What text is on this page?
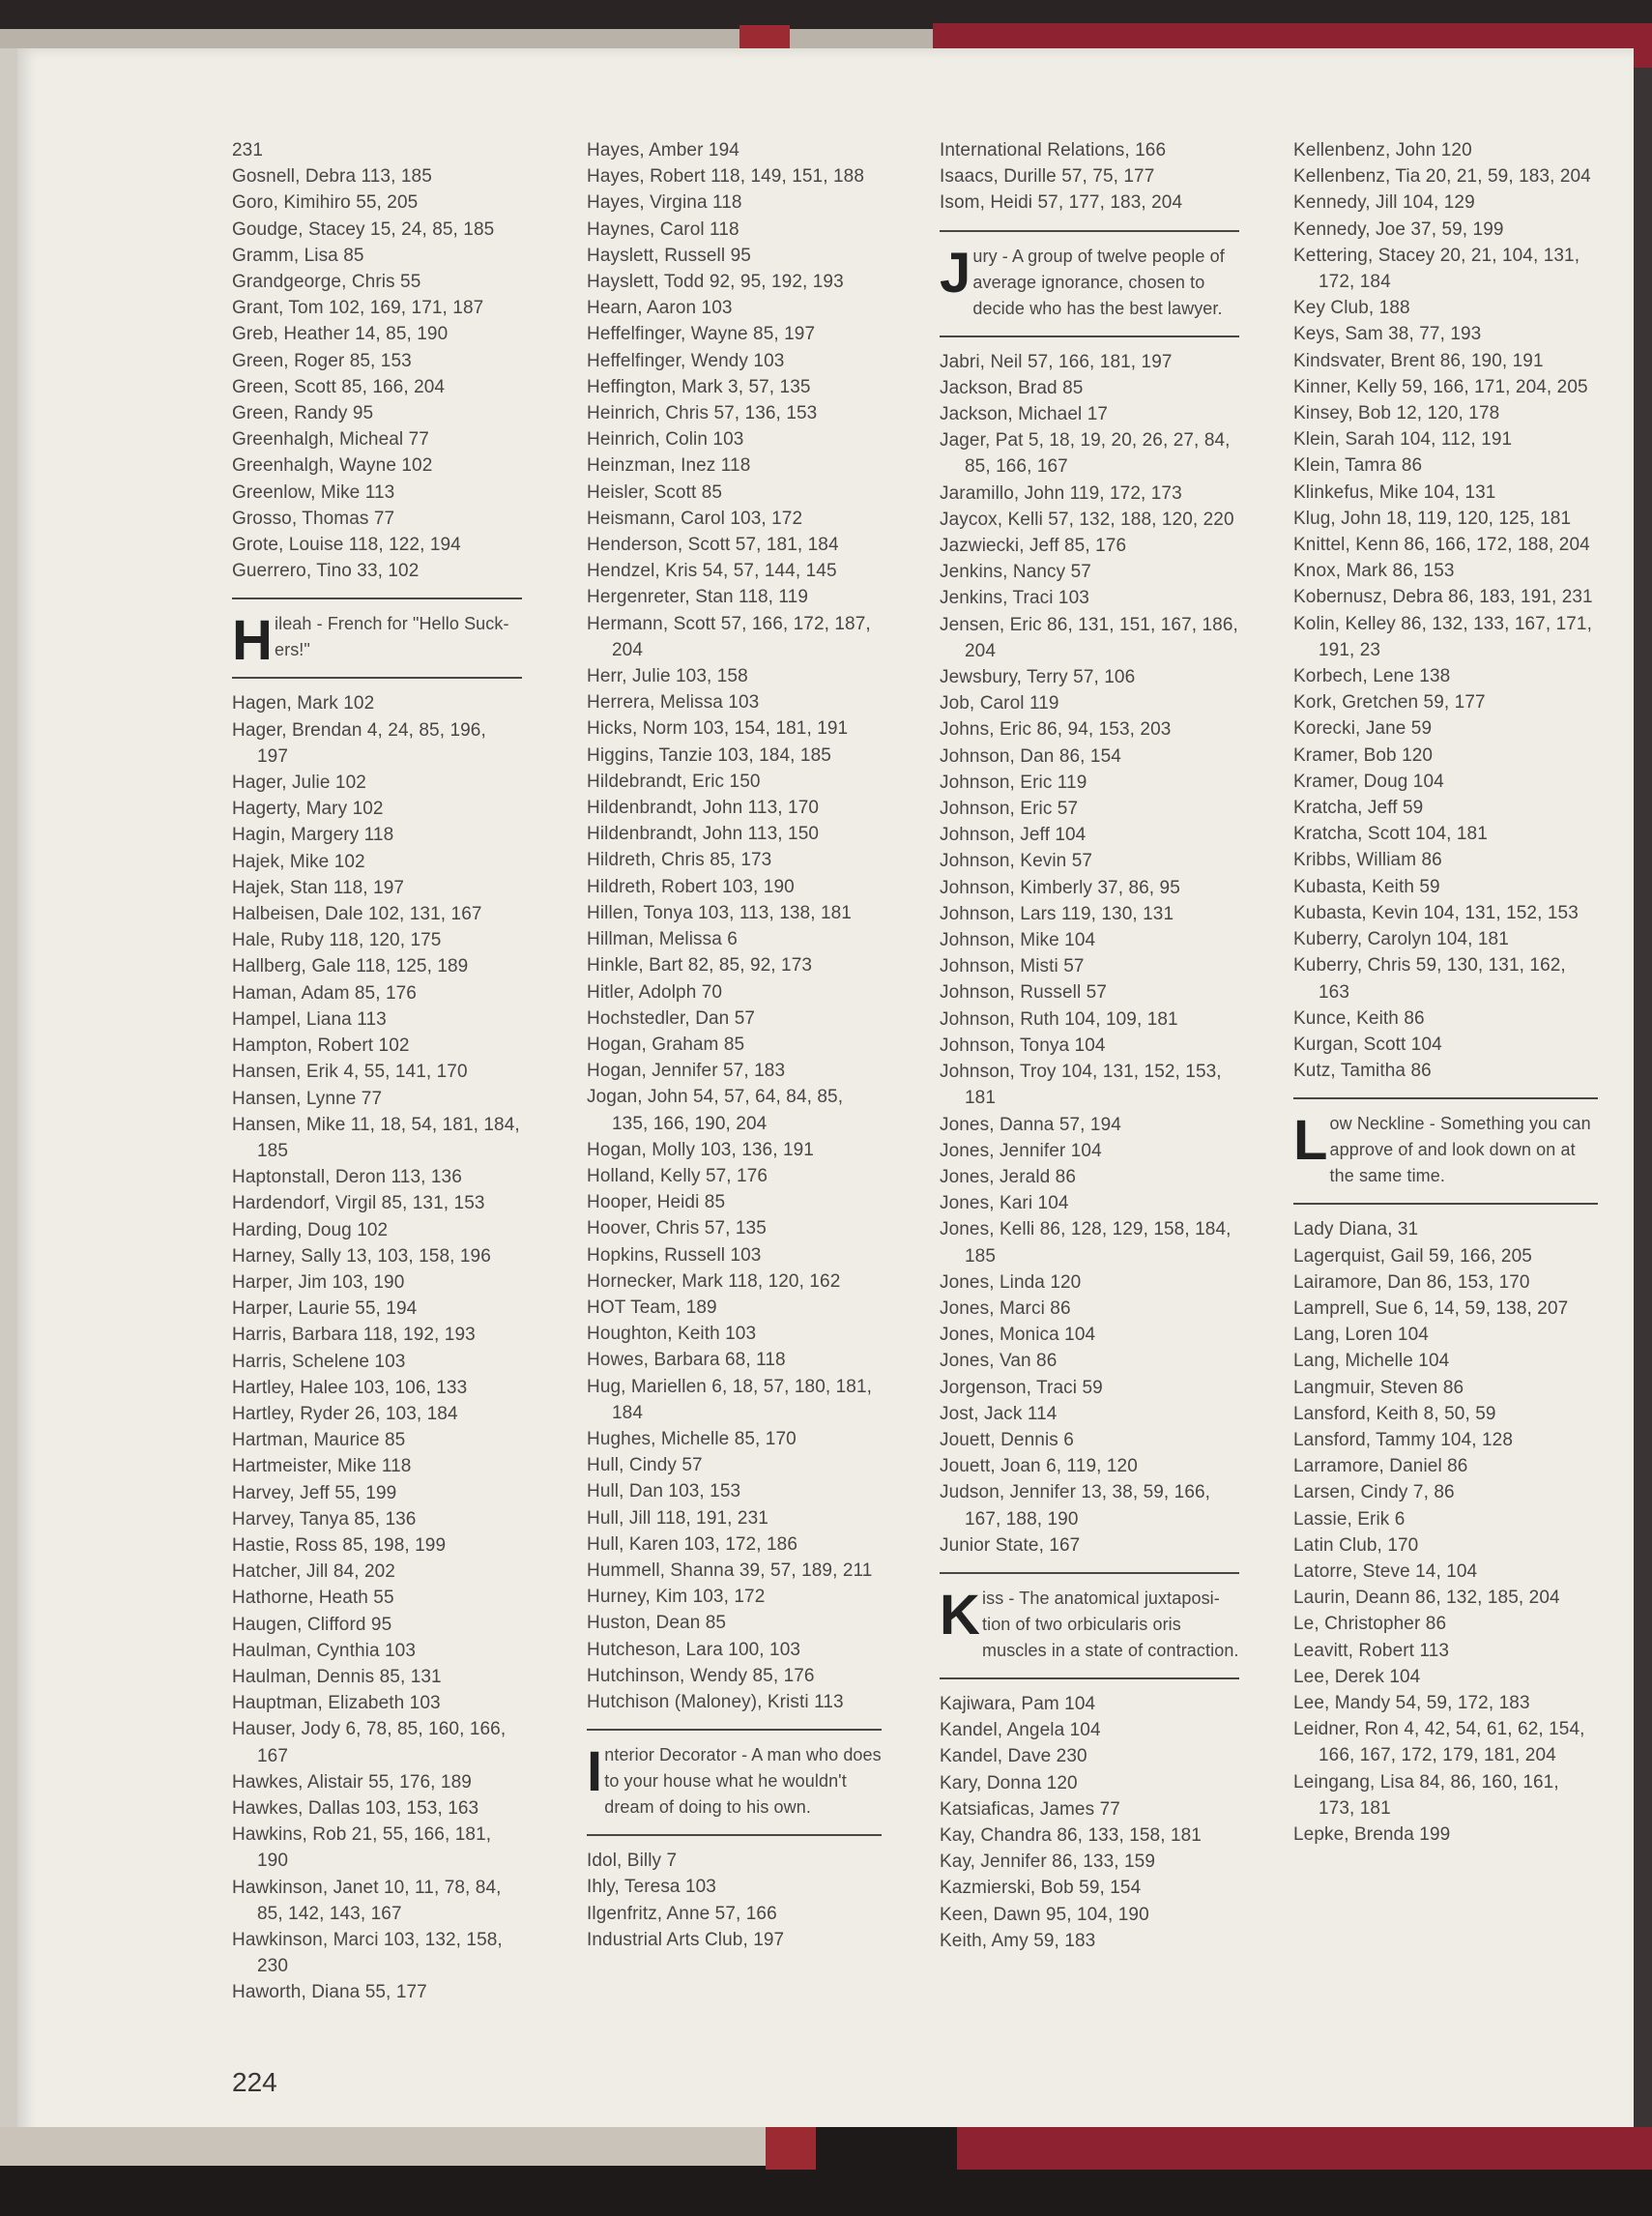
231
Gosnell, Debra 113, 185
Goro, Kimihiro 55, 205
Goudge, Stacey 15, 24, 85, 185
Gramm, Lisa 85
Grandgeorge, Chris 55
Grant, Tom 102, 169, 171, 187
Greb, Heather 14, 85, 190
Green, Roger 85, 153
Green, Scott 85, 166, 204
Green, Randy 95
Greenhalgh, Micheal 77
Greenhalgh, Wayne 102
Greenlow, Mike 113
Grosso, Thomas 77
Grote, Louise 118, 122, 194
Guerrero, Tino 33, 102
H ileah - French for "Hello Suck-ers!"
Hagen, Mark 102
Hager, Brendan 4, 24, 85, 196, 197
Hager, Julie 102
Hagerty, Mary 102
Hagin, Margery 118
Hajek, Mike 102
Hajek, Stan 118, 197
Halbeisen, Dale 102, 131, 167
Hale, Ruby 118, 120, 175
Hallberg, Gale 118, 125, 189
Haman, Adam 85, 176
Hampel, Liana 113
Hampton, Robert 102
Hansen, Erik 4, 55, 141, 170
Hansen, Lynne 77
Hansen, Mike 11, 18, 54, 181, 184, 185
Haptonstall, Deron 113, 136
Hardendorf, Virgil 85, 131, 153
Harding, Doug 102
Harney, Sally 13, 103, 158, 196
Harper, Jim 103, 190
Harper, Laurie 55, 194
Harris, Barbara 118, 192, 193
Harris, Schelene 103
Hartley, Halee 103, 106, 133
Hartley, Ryder 26, 103, 184
Hartman, Maurice 85
Hartmeister, Mike 118
Harvey, Jeff 55, 199
Harvey, Tanya 85, 136
Hastie, Ross 85, 198, 199
Hatcher, Jill 84, 202
Hathorne, Heath 55
Haugen, Clifford 95
Haulman, Cynthia 103
Haulman, Dennis 85, 131
Hauptman, Elizabeth 103
Hauser, Jody 6, 78, 85, 160, 166, 167
Hawkes, Alistair 55, 176, 189
Hawkes, Dallas 103, 153, 163
Hawkins, Rob 21, 55, 166, 181, 190
Hawkinson, Janet 10, 11, 78, 84, 85, 142, 143, 167
Hawkinson, Marci 103, 132, 158, 230
Haworth, Diana 55, 177
Hayes, Amber 194
Hayes, Robert 118, 149, 151, 188
Hayes, Virgina 118
Haynes, Carol 118
Hayslett, Russell 95
Hayslett, Todd 92, 95, 192, 193
Hearn, Aaron 103
Heffelfinger, Wayne 85, 197
Heffelfinger, Wendy 103
Heffington, Mark 3, 57, 135
Heinrich, Chris 57, 136, 153
Heinrich, Colin 103
Heinzman, Inez 118
Heisler, Scott 85
Heismann, Carol 103, 172
Henderson, Scott 57, 181, 184
Hendzel, Kris 54, 57, 144, 145
Hergenreter, Stan 118, 119
Hermann, Scott 57, 166, 172, 187, 204
Herr, Julie 103, 158
Herrera, Melissa 103
Hicks, Norm 103, 154, 181, 191
Higgins, Tanzie 103, 184, 185
Hildebrandt, Eric 150
Hildenbrandt, John 113, 170
Hildenbrandt, John 113, 150
Hildreth, Chris 85, 173
Hildreth, Robert 103, 190
Hillen, Tonya 103, 113, 138, 181
Hillman, Melissa 6
Hinkle, Bart 82, 85, 92, 173
Hitler, Adolph 70
Hochstedler, Dan 57
Hogan, Graham 85
Hogan, Jennifer 57, 183
Jogan, John 54, 57, 64, 84, 85, 135, 166, 190, 204
Hogan, Molly 103, 136, 191
Holland, Kelly 57, 176
Hooper, Heidi 85
Hoover, Chris 57, 135
Hopkins, Russell 103
Hornecker, Mark 118, 120, 162
HOT Team, 189
Houghton, Keith 103
Howes, Barbara 68, 118
Hug, Mariellen 6, 18, 57, 180, 181, 184
Hughes, Michelle 85, 170
Hull, Cindy 57
Hull, Dan 103, 153
Hull, Jill 118, 191, 231
Hull, Karen 103, 172, 186
Hummell, Shanna 39, 57, 189, 211
Hurney, Kim 103, 172
Huston, Dean 85
Hutcheson, Lara 100, 103
Hutchinson, Wendy 85, 176
Hutchison (Maloney), Kristi 113
I nterior Decorator - A man who does to your house what he wouldn't dream of doing to his own.
Idol, Billy 7
Ihly, Teresa 103
Ilgenfritz, Anne 57, 166
Industrial Arts Club, 197
International Relations, 166
Isaacs, Durille 57, 75, 177
Isom, Heidi 57, 177, 183, 204
J ury - A group of twelve people of average ignorance, chosen to decide who has the best lawyer.
Jabri, Neil 57, 166, 181, 197
Jackson, Brad 85
Jackson, Michael 17
Jager, Pat 5, 18, 19, 20, 26, 27, 84, 85, 166, 167
Jaramillo, John 119, 172, 173
Jaycox, Kelli 57, 132, 188, 120, 220
Jazwiecki, Jeff 85, 176
Jenkins, Nancy 57
Jenkins, Traci 103
Jensen, Eric 86, 131, 151, 167, 186, 204
Jewsbury, Terry 57, 106
Job, Carol 119
Johns, Eric 86, 94, 153, 203
Johnson, Dan 86, 154
Johnson, Eric 119
Johnson, Eric 57
Johnson, Jeff 104
Johnson, Kevin 57
Johnson, Kimberly 37, 86, 95
Johnson, Lars 119, 130, 131
Johnson, Mike 104
Johnson, Misti 57
Johnson, Russell 57
Johnson, Ruth 104, 109, 181
Johnson, Tonya 104
Johnson, Troy 104, 131, 152, 153, 181
Jones, Danna 57, 194
Jones, Jennifer 104
Jones, Jerald 86
Jones, Kari 104
Jones, Kelli 86, 128, 129, 158, 184, 185
Jones, Linda 120
Jones, Marci 86
Jones, Monica 104
Jones, Van 86
Jorgenson, Traci 59
Jost, Jack 114
Jouett, Dennis 6
Jouett, Joan 6, 119, 120
Judson, Jennifer 13, 38, 59, 166, 167, 188, 190
Junior State, 167
K iss - The anatomical juxtaposi-tion of two orbicularis oris muscles in a state of contraction.
Kajiwara, Pam 104
Kandel, Angela 104
Kandel, Dave 230
Kary, Donna 120
Katsiaficas, James 77
Kay, Chandra 86, 133, 158, 181
Kay, Jennifer 86, 133, 159
Kazmierski, Bob 59, 154
Keen, Dawn 95, 104, 190
Keith, Amy 59, 183
Kellenbenz, John 120
Kellenbenz, Tia 20, 21, 59, 183, 204
Kennedy, Jill 104, 129
Kennedy, Joe 37, 59, 199
Kettering, Stacey 20, 21, 104, 131, 172, 184
Key Club, 188
Keys, Sam 38, 77, 193
Kindsvater, Brent 86, 190, 191
Kinner, Kelly 59, 166, 171, 204, 205
Kinsey, Bob 12, 120, 178
Klein, Sarah 104, 112, 191
Klein, Tamra 86
Klinkefus, Mike 104, 131
Klug, John 18, 119, 120, 125, 181
Knittel, Kenn 86, 166, 172, 188, 204
Knox, Mark 86, 153
Kobernusz, Debra 86, 183, 191, 231
Kolin, Kelley 86, 132, 133, 167, 171, 191, 23
Korbech, Lene 138
Kork, Gretchen 59, 177
Korecki, Jane 59
Kramer, Bob 120
Kramer, Doug 104
Kratcha, Jeff 59
Kratcha, Scott 104, 181
Kribbs, William 86
Kubasta, Keith 59
Kubasta, Kevin 104, 131, 152, 153
Kuberry, Carolyn 104, 181
Kuberry, Chris 59, 130, 131, 162, 163
Kunce, Keith 86
Kurgan, Scott 104
Kutz, Tamitha 86
L ow Neckline - Something you can approve of and look down on at the same time.
Lady Diana, 31
Lagerquist, Gail 59, 166, 205
Lairamore, Dan 86, 153, 170
Lamprell, Sue 6, 14, 59, 138, 207
Lang, Loren 104
Lang, Michelle 104
Langmuir, Steven 86
Lansford, Keith 8, 50, 59
Lansford, Tammy 104, 128
Larramore, Daniel 86
Larsen, Cindy 7, 86
Lassie, Erik 6
Latin Club, 170
Latorre, Steve 14, 104
Laurin, Deann 86, 132, 185, 204
Le, Christopher 86
Leavitt, Robert 113
Lee, Derek 104
Lee, Mandy 54, 59, 172, 183
Leidner, Ron 4, 42, 54, 61, 62, 154, 166, 167, 172, 179, 181, 204
Leingang, Lisa 84, 86, 160, 161, 173, 181
Lepke, Brenda 199
224
